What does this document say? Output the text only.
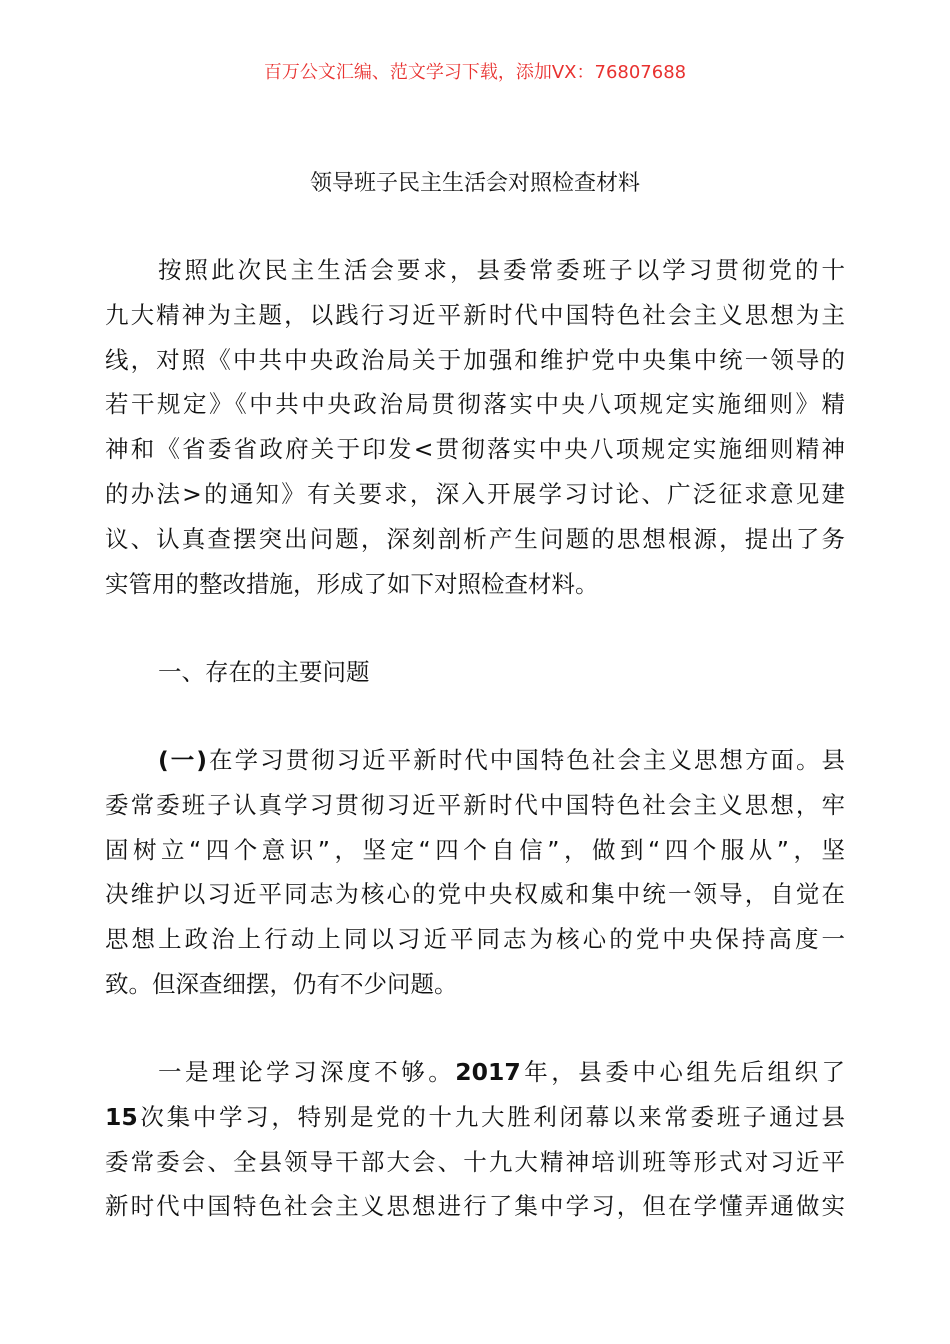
百万公文汇编、范文学习下载，添加VX：76807688
领导班子民主生活会对照检查材料
按照此次民主生活会要求，县委常委班子以学习贯彻党的十
九大精神为主题，以践行习近平新时代中国特色社会主义思想为主
线，对照《中共中央政治局关于加强和维护党中央集中统一领导的
若干规定》《中共中央政治局贯彻落实中央八项规定实施细则》精
神和《省委省政府关于印发<贯彻落实中央八项规定实施细则精神
的办法>的通知》有关要求，深入开展学习讨论、广泛征求意见建
议、认真查摆突出问题，深刻剖析产生问题的思想根源，提出了务
实管用的整改措施，形成了如下对照检查材料。
一、存在的主要问题
(一)在学习贯彻习近平新时代中国特色社会主义思想方面。县
委常委班子认真学习贯彻习近平新时代中国特色社会主义思想，牢
固树立“四个意识”，坚定“四个自信”，做到“四个服从”，坚
决维护以习近平同志为核心的党中央权威和集中统一领导，自觉在
思想上政治上行动上同以习近平同志为核心的党中央保持高度一
致。但深查细摆，仍有不少问题。
一是理论学习深度不够。2017年，县委中心组先后组织了
15次集中学习，特别是党的十九大胜利闭幕以来常委班子通过县
委常委会、全县领导干部大会、十九大精神培训班等形式对习近平
新时代中国特色社会主义思想进行了集中学习，但在学懂弄通做实
